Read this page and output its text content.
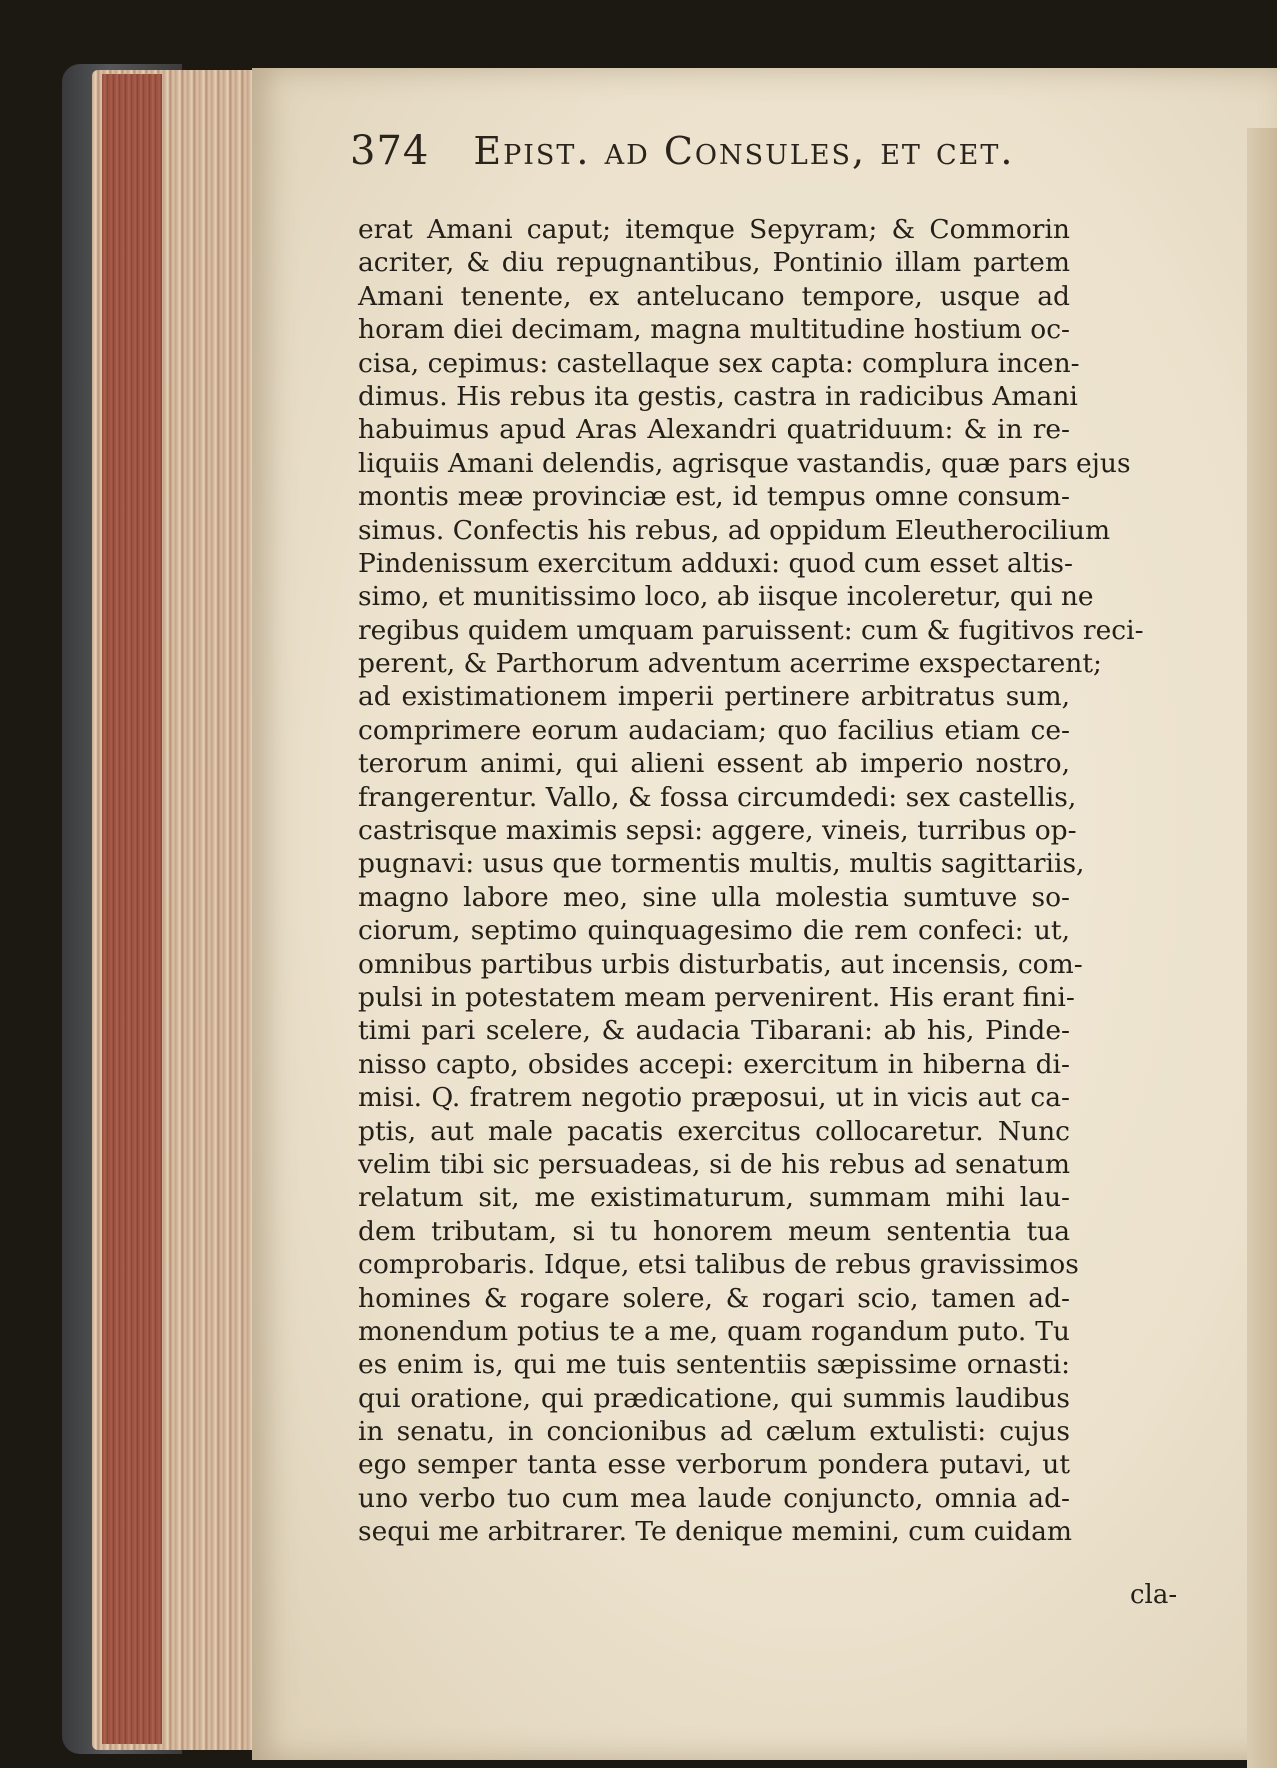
374 Epist. ad Consules, et cet.
erat Amani caput; itemque Sepyram; & Commorin
acriter, & diu repugnantibus, Pontinio illam partem
Amani tenente, ex antelucano tempore, usque ad
horam diei decimam, magna multitudine hostium oc-
cisa, cepimus: castellaque sex capta: complura incen-
dimus. His rebus ita gestis, castra in radicibus Amani
habuimus apud Aras Alexandri quatriduum: & in re-
liquiis Amani delendis, agrisque vastandis, quæ pars ejus
montis meæ provinciæ est, id tempus omne consum-
simus. Confectis his rebus, ad oppidum Eleutherocilium
Pindenissum exercitum adduxi: quod cum esset altis-
simo, et munitissimo loco, ab iisque incoleretur, qui ne
regibus quidem umquam paruissent: cum & fugitivos reci-
perent, & Parthorum adventum acerrime exspectarent;
ad existimationem imperii pertinere arbitratus sum,
comprimere eorum audaciam; quo facilius etiam ce-
terorum animi, qui alieni essent ab imperio nostro,
frangerentur. Vallo, & fossa circumdedi: sex castellis,
castrisque maximis sepsi: aggere, vineis, turribus op-
pugnavi: usus que tormentis multis, multis sagittariis,
magno labore meo, sine ulla molestia sumtuve so-
ciorum, septimo quinquagesimo die rem confeci: ut,
omnibus partibus urbis disturbatis, aut incensis, com-
pulsi in potestatem meam pervenirent. His erant fini-
timi pari scelere, & audacia Tibarani: ab his, Pinde-
nisso capto, obsides accepi: exercitum in hiberna di-
misi. Q. fratrem negotio præposui, ut in vicis aut ca-
ptis, aut male pacatis exercitus collocaretur. Nunc
velim tibi sic persuadeas, si de his rebus ad senatum
relatum sit, me existimaturum, summam mihi lau-
dem tributam, si tu honorem meum sententia tua
comprobaris. Idque, etsi talibus de rebus gravissimos
homines & rogare solere, & rogari scio, tamen ad-
monendum potius te a me, quam rogandum puto. Tu
es enim is, qui me tuis sententiis sæpissime ornasti:
qui oratione, qui prædicatione, qui summis laudibus
in senatu, in concionibus ad cælum extulisti: cujus
ego semper tanta esse verborum pondera putavi, ut
uno verbo tuo cum mea laude conjuncto, omnia ad-
sequi me arbitrarer. Te denique memini, cum cuidam
cla-
